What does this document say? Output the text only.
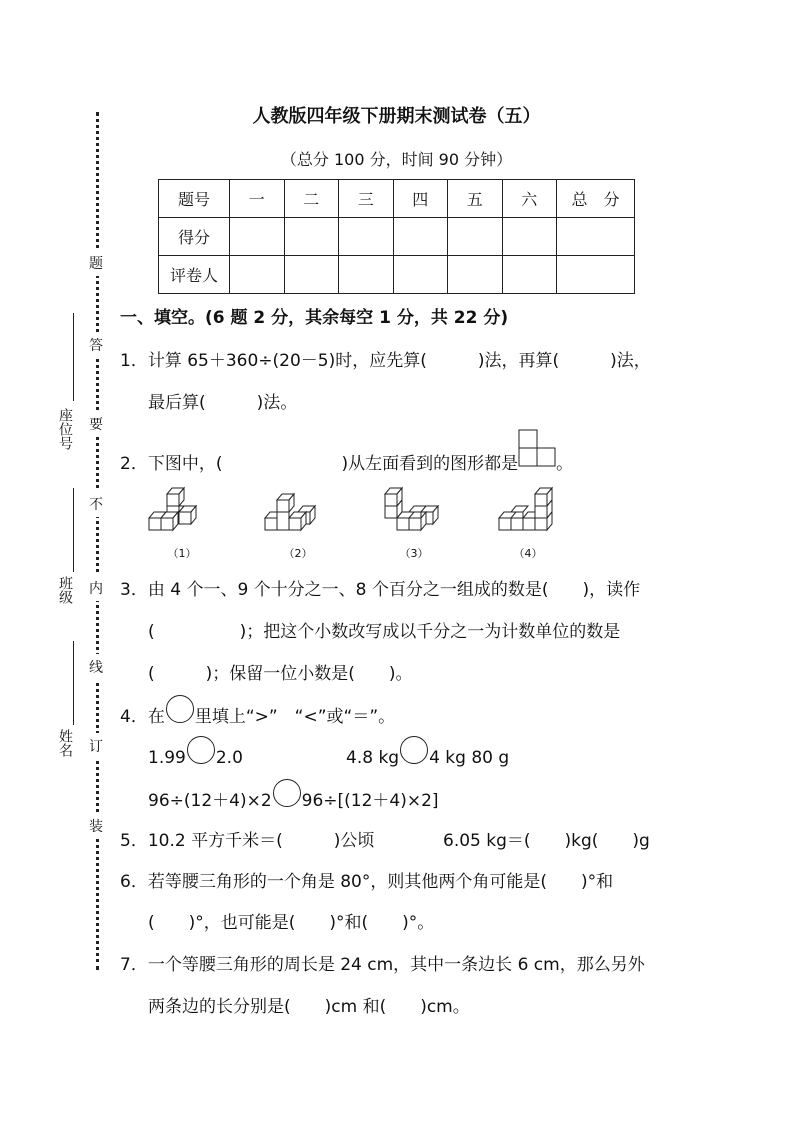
人教版四年级下册期末测试卷（五）
（总分 100 分，时间 90 分钟）
题号	一	二	三	四	五	六	总　分
得分							
评卷人							
题
答
要
不
内
线
订
装
座位号
班级
姓名
一、填空。(6 题 2 分，其余每空 1 分，共 22 分)
1．计算 65＋360÷(20－5)时，应先算(　　　)法，再算(　　　)法，
最后算(　　　)法。
2．下图中，(　　　　　　　)从左面看到的图形都是 。
（1）	（2）	（3）	（4）
3．由 4 个一、9 个十分之一、8 个百分之一组成的数是(　　)，读作
(　　　　　)；把这个小数改写成以千分之一为计数单位的数是
(　　　)；保留一位小数是(　　)。
4．在 里填上“>”　“<”或“＝”。
1.99 2.0	4.8 kg 4 kg 80 g
96÷(12＋4)×2 96÷[(12＋4)×2]
5．10.2 平方千米＝(　　　)公顷	6.05 kg＝(　　)kg(　　)g
6．若等腰三角形的一个角是 80°，则其他两个角可能是(　　)°和
(　　)°，也可能是(　　)°和(　　)°。
7．一个等腰三角形的周长是 24 cm，其中一条边长 6 cm，那么另外
两条边的长分别是(　　)cm 和(　　)cm。
